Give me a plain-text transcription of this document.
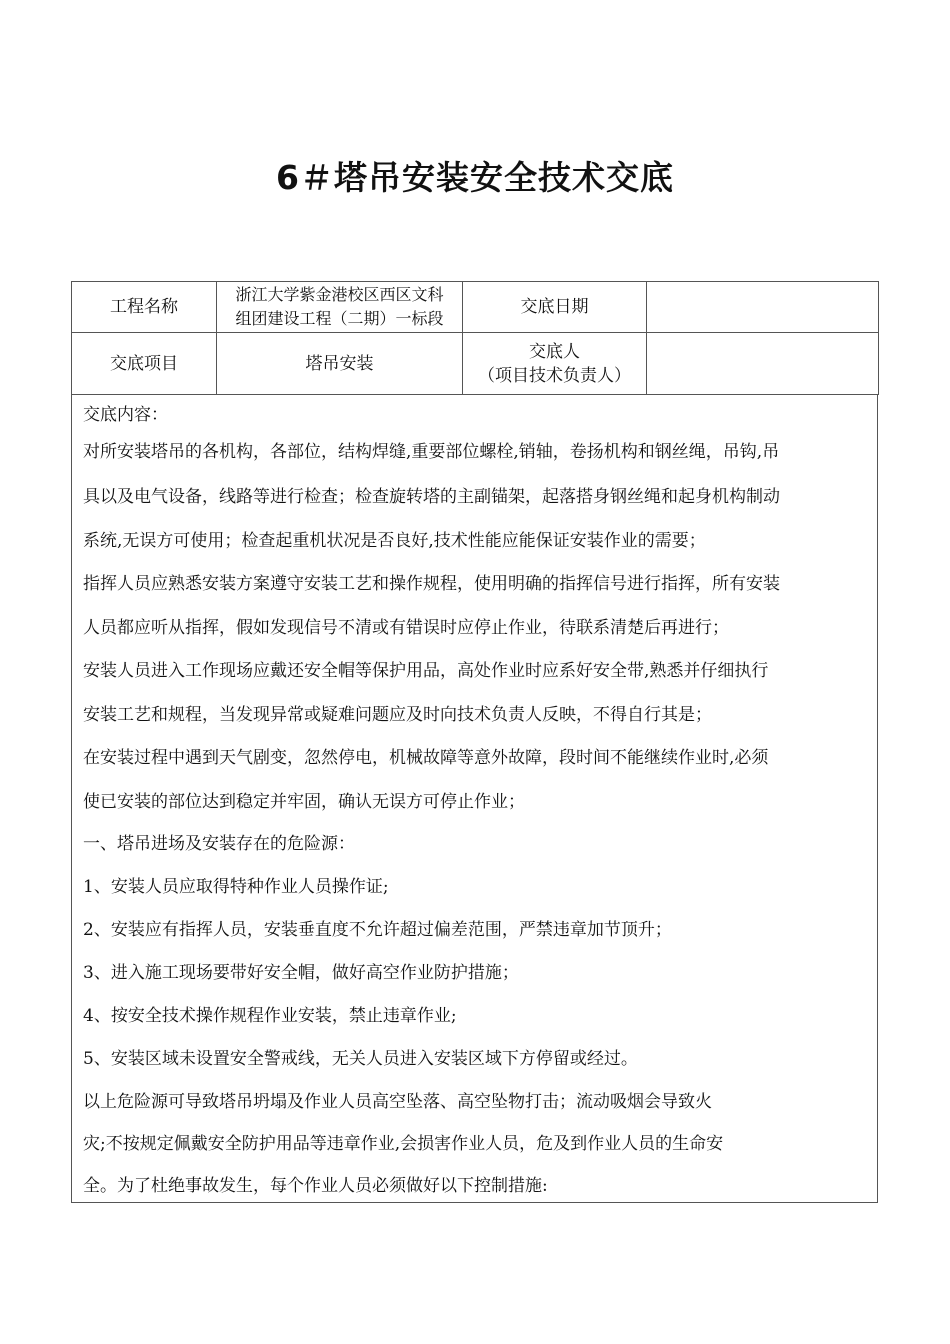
6＃塔吊安装安全技术交底
工程名称	浙江大学紫金港校区西区文科
组团建设工程（二期）一标段	交底日期	
交底项目	塔吊安装	交底人
（项目技术负责人）	

交底内容：

对所安装塔吊的各机构，各部位，结构焊缝,重要部位螺栓,销轴，卷扬机构和钢丝绳，吊钩,吊

具以及电气设备，线路等进行检查；检查旋转塔的主副锚架，起落搭身钢丝绳和起身机构制动

系统,无误方可使用；检查起重机状况是否良好,技术性能应能保证安装作业的需要；

指挥人员应熟悉安装方案遵守安装工艺和操作规程，使用明确的指挥信号进行指挥，所有安装

人员都应听从指挥，假如发现信号不清或有错误时应停止作业，待联系清楚后再进行；

安装人员进入工作现场应戴还安全帽等保护用品，高处作业时应系好安全带,熟悉并仔细执行

安装工艺和规程，当发现异常或疑难问题应及时向技术负责人反映，不得自行其是；

在安装过程中遇到天气剧变，忽然停电，机械故障等意外故障，段时间不能继续作业时,必须

使已安装的部位达到稳定并牢固，确认无误方可停止作业；

一、塔吊进场及安装存在的危险源：

1、安装人员应取得特种作业人员操作证;

2、安装应有指挥人员，安装垂直度不允许超过偏差范围，严禁违章加节顶升；

3、进入施工现场要带好安全帽，做好高空作业防护措施；

4、按安全技术操作规程作业安装，禁止违章作业;

5、安装区域未设置安全警戒线，无关人员进入安装区域下方停留或经过。

以上危险源可导致塔吊坍塌及作业人员高空坠落、高空坠物打击；流动吸烟会导致火

灾;不按规定佩戴安全防护用品等违章作业,会损害作业人员，危及到作业人员的生命安

全。为了杜绝事故发生，每个作业人员必须做好以下控制措施:
